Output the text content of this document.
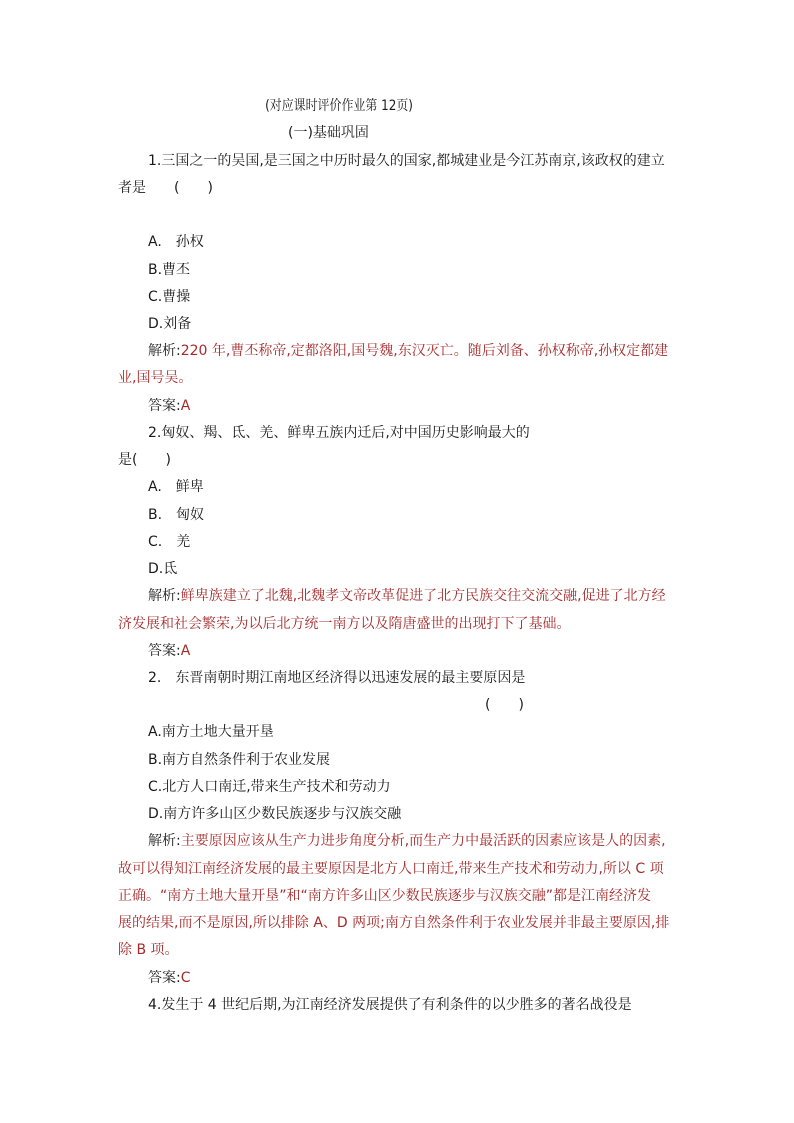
(对应课时评价作业第 12页)
(一)基础巩固
1.三国之一的吴国,是三国之中历时最久的国家,都城建业是今江苏南京,该政权的建立
者是　　(　　)
A.　孙权
B.曹丕
C.曹操
D.刘备
解析:220 年,曹丕称帝,定都洛阳,国号魏,东汉灭亡。随后刘备、孙权称帝,孙权定都建
业,国号吴。
答案:A
2.匈奴、羯、氐、羌、鲜卑五族内迁后,对中国历史影响最大的
是(　　)
A.　鲜卑
B.　匈奴
C.　羌
D.氐
解析:鲜卑族建立了北魏,北魏孝文帝改革促进了北方民族交往交流交融,促进了北方经
济发展和社会繁荣,为以后北方统一南方以及隋唐盛世的出现打下了基础。
答案:A
2.　东晋南朝时期江南地区经济得以迅速发展的最主要原因是
(　　)
A.南方土地大量开垦
B.南方自然条件利于农业发展
C.北方人口南迁,带来生产技术和劳动力
D.南方许多山区少数民族逐步与汉族交融
解析:主要原因应该从生产力进步角度分析,而生产力中最活跃的因素应该是人的因素,
故可以得知江南经济发展的最主要原因是北方人口南迁,带来生产技术和劳动力,所以 C 项
正确。“南方土地大量开垦”和“南方许多山区少数民族逐步与汉族交融”都是江南经济发
展的结果,而不是原因,所以排除 A、D 两项;南方自然条件利于农业发展并非最主要原因,排
除 B 项。
答案:C
4.发生于 4 世纪后期,为江南经济发展提供了有利条件的以少胜多的著名战役是
